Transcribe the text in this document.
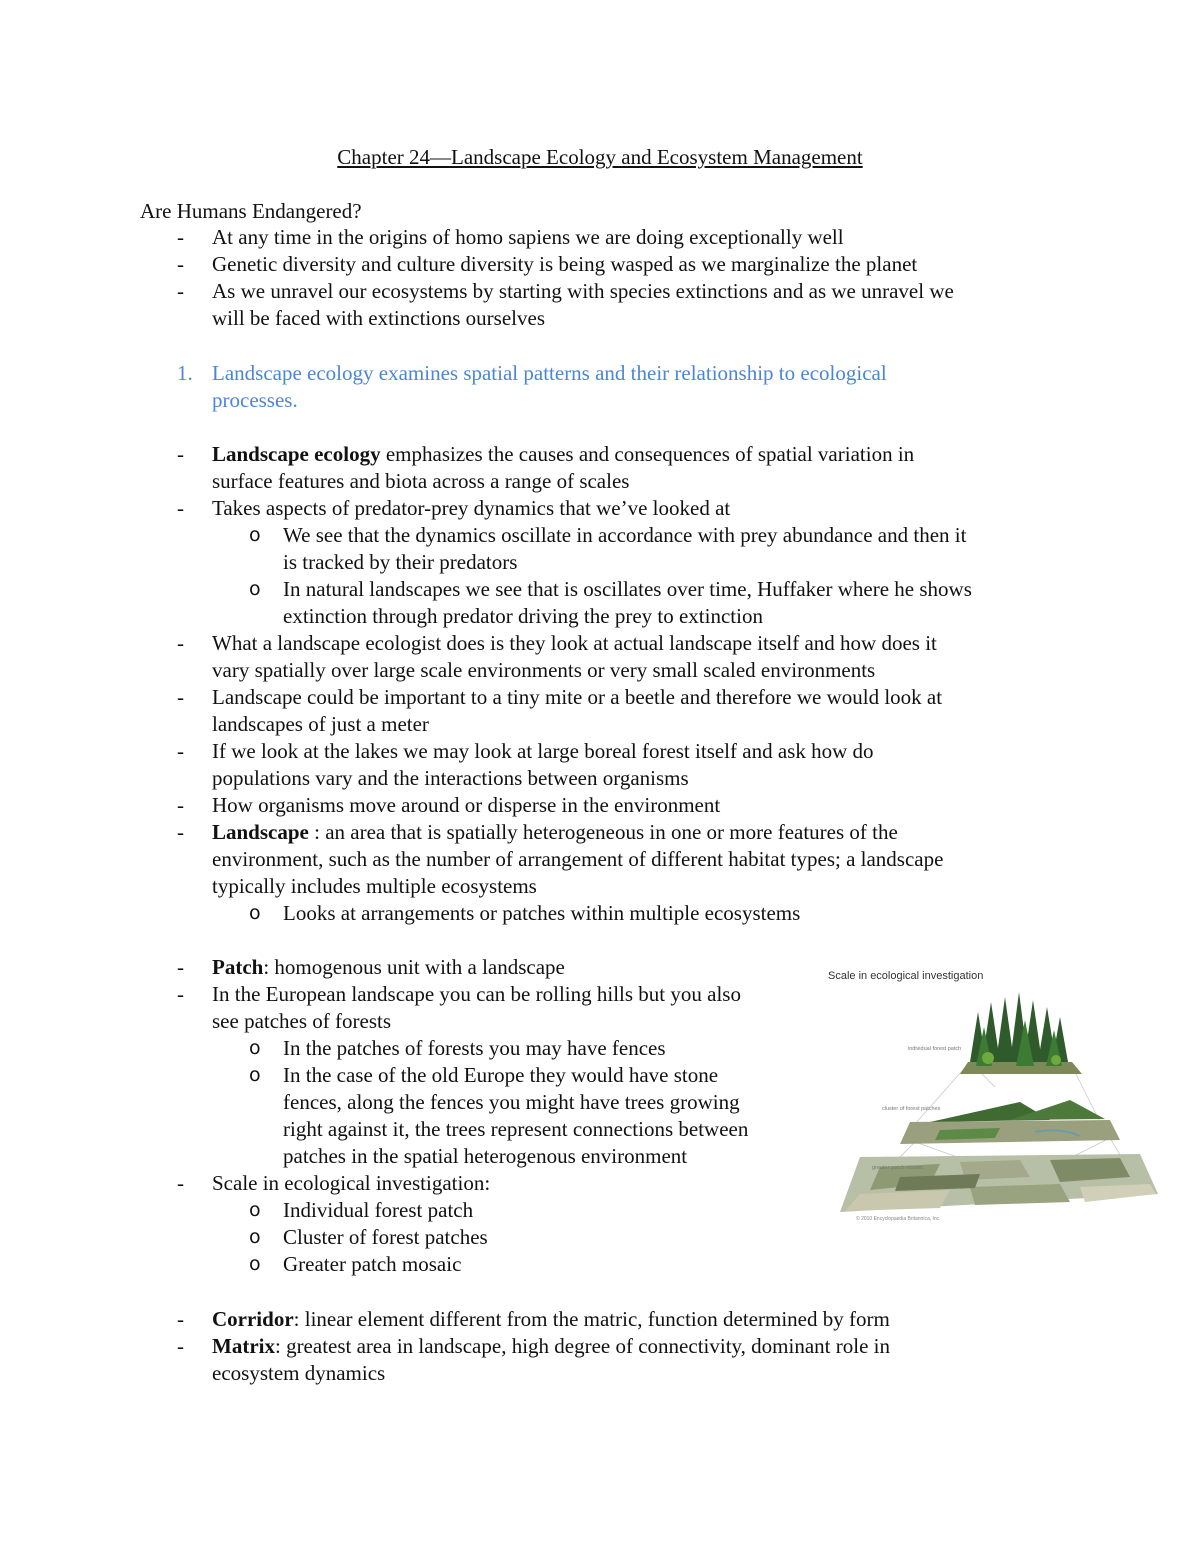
Chapter 24—Landscape Ecology and Ecosystem Management
Are Humans Endangered?
- At any time in the origins of homo sapiens we are doing exceptionally well
- Genetic diversity and culture diversity is being wasped as we marginalize the planet
- As we unravel our ecosystems by starting with species extinctions and as we unravel we
will be faced with extinctions ourselves
1. Landscape ecology examines spatial patterns and their relationship to ecological
processes.
- Landscape ecology emphasizes the causes and consequences of spatial variation in
surface features and biota across a range of scales
- Takes aspects of predator-prey dynamics that we’ve looked at
o We see that the dynamics oscillate in accordance with prey abundance and then it
is tracked by their predators
o In natural landscapes we see that is oscillates over time, Huffaker where he shows
extinction through predator driving the prey to extinction
- What a landscape ecologist does is they look at actual landscape itself and how does it
vary spatially over large scale environments or very small scaled environments
- Landscape could be important to a tiny mite or a beetle and therefore we would look at
landscapes of just a meter
- If we look at the lakes we may look at large boreal forest itself and ask how do
populations vary and the interactions between organisms
- How organisms move around or disperse in the environment
- Landscape : an area that is spatially heterogeneous in one or more features of the
environment, such as the number of arrangement of different habitat types; a landscape
typically includes multiple ecosystems
o Looks at arrangements or patches within multiple ecosystems
- Patch: homogenous unit with a landscape
- In the European landscape you can be rolling hills but you also
see patches of forests
o In the patches of forests you may have fences
o In the case of the old Europe they would have stone
fences, along the fences you might have trees growing
right against it, the trees represent connections between
patches in the spatial heterogenous environment
- Scale in ecological investigation:
o Individual forest patch
o Cluster of forest patches
o Greater patch mosaic
- Corridor: linear element different from the matric, function determined by form
- Matrix: greatest area in landscape, high degree of connectivity, dominant role in
ecosystem dynamics
Scale in ecological investigation
individual forest patch
cluster of forest patches
greater patch mosaic
© 2010 Encyclopaedia Britannica, Inc.
